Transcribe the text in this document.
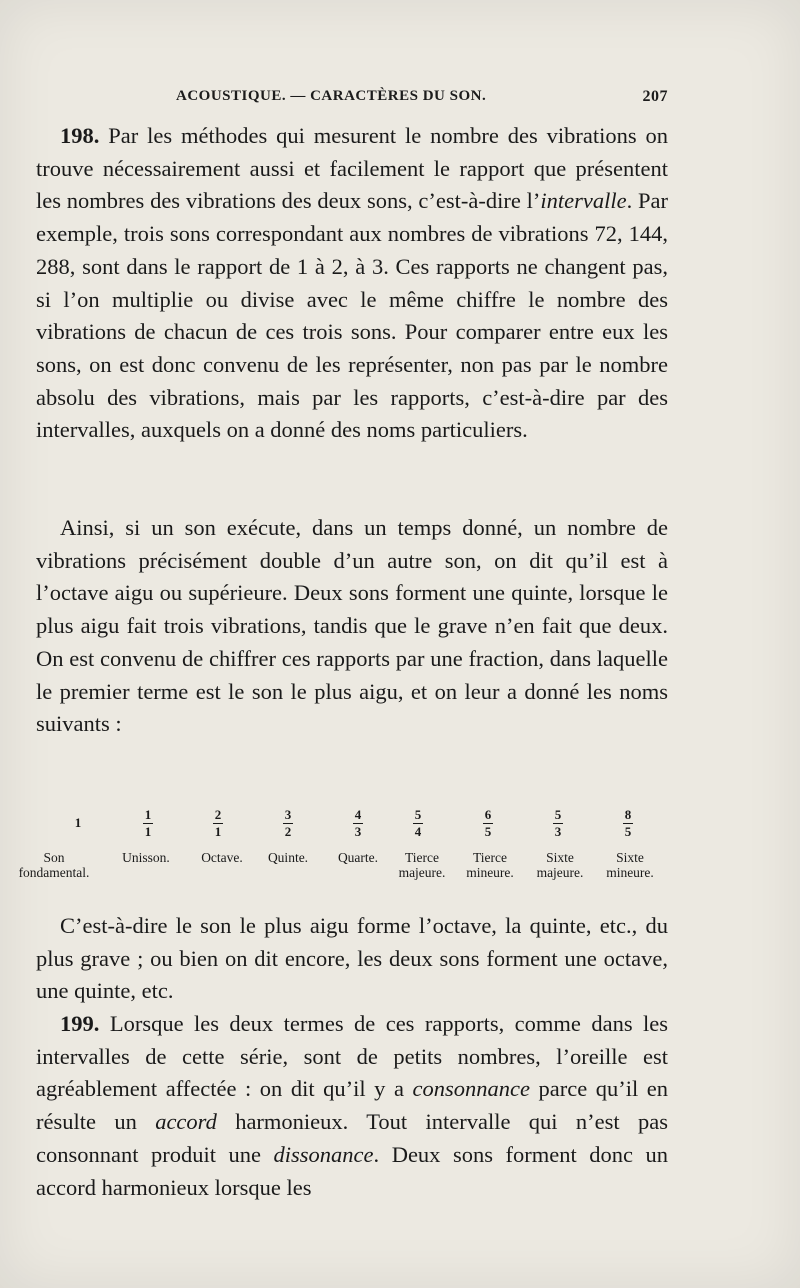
ACOUSTIQUE. — CARACTÈRES DU SON.	207

198. Par les méthodes qui mesurent le nombre des vibrations on trouve nécessairement aussi et facilement le rapport que présentent les nombres des vibrations des deux sons, c’est-à-dire l’intervalle. Par exemple, trois sons correspondant aux nombres de vibrations 72, 144, 288, sont dans le rapport de 1 à 2, à 3. Ces rapports ne changent pas, si l’on multiplie ou divise avec le même chiffre le nombre des vibrations de chacun de ces trois sons. Pour comparer entre eux les sons, on est donc convenu de les représenter, non pas par le nombre absolu des vibrations, mais par les rapports, c’est-à-dire par des intervalles, auxquels on a donné des noms particuliers.

Ainsi, si un son exécute, dans un temps donné, un nombre de vibrations précisément double d’un autre son, on dit qu’il est à l’octave aigu ou supérieure. Deux sons forment une quinte, lorsque le plus aigu fait trois vibrations, tandis que le grave n’en fait que deux. On est convenu de chiffrer ces rapports par une fraction, dans laquelle le premier terme est le son le plus aigu, et on leur a donné les noms suivants :

1
Son
fondamental.
1
1
Unisson.
2
1
Octave.
3
2
Quinte.
4
3
Quarte.
5
4
Tierce
majeure.
6
5
Tierce
mineure.
5
3
Sixte
majeure.
8
5
Sixte
mineure.

C’est-à-dire le son le plus aigu forme l’octave, la quinte, etc., du plus grave ; ou bien on dit encore, les deux sons forment une octave, une quinte, etc.

199. Lorsque les deux termes de ces rapports, comme dans les intervalles de cette série, sont de petits nombres, l’oreille est agréablement affectée : on dit qu’il y a consonnance parce qu’il en résulte un accord harmonieux. Tout intervalle qui n’est pas consonnant produit une dissonance. Deux sons forment donc un accord harmonieux lorsque les
